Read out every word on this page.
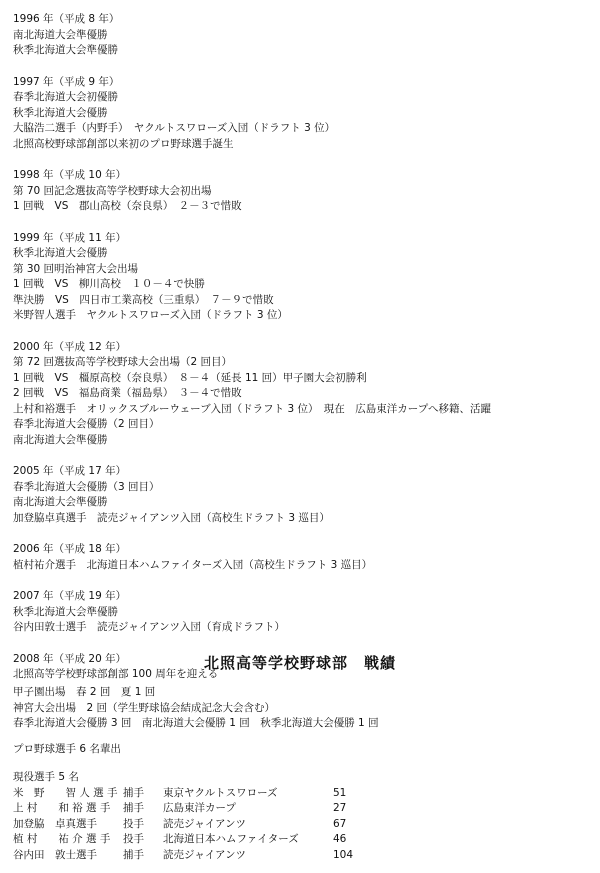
1996 年（平成 8 年）
南北海道大会準優勝
秋季北海道大会準優勝
1997 年（平成 9 年）
春季北海道大会初優勝
秋季北海道大会優勝
大脇浩二選手（内野手）　ヤクルトスワローズ入団（ドラフト 3 位）
北照高校野球部創部以来初のプロ野球選手誕生
1998 年（平成 10 年）
第 70 回記念選抜高等学校野球大会初出場
1 回戦　VS　郡山高校（奈良県）　２－３で惜敗
1999 年（平成 11 年）
秋季北海道大会優勝
第 30 回明治神宮大会出場
1 回戦　VS　柳川高校　１０－４で快勝
準決勝　VS　四日市工業高校（三重県）　７－９で惜敗
米野智人選手　ヤクルトスワローズ入団（ドラフト 3 位）
2000 年（平成 12 年）
第 72 回選抜高等学校野球大会出場（2 回目）
1 回戦　VS　橿原高校（奈良県）　８－４（延長 11 回）甲子園大会初勝利
2 回戦　VS　福島商業（福島県）　３－４で惜敗
上村和裕選手　オリックスブルーウェーブ入団（ドラフト 3 位）　現在　広島東洋カープへ移籍、活躍
春季北海道大会優勝（2 回目）
南北海道大会準優勝
2005 年（平成 17 年）
春季北海道大会優勝（3 回目）
南北海道大会準優勝
加登脇卓真選手　読売ジャイアンツ入団（高校生ドラフト 3 巡目）
2006 年（平成 18 年）
植村祐介選手　北海道日本ハムファイターズ入団（高校生ドラフト 3 巡目）
2007 年（平成 19 年）
秋季北海道大会準優勝
谷内田敦士選手　読売ジャイアンツ入団（育成ドラフト）
2008 年（平成 20 年）
北照高等学校野球部創部 100 周年を迎える
北照高等学校野球部　戦績
甲子園出場　春 2 回　夏 1 回
神宮大会出場　2 回（学生野球協会結成記念大会含む）
春季北海道大会優勝 3 回　南北海道大会優勝 1 回　秋季北海道大会優勝 1 回
プロ野球選手 6 名輩出
現役選手 5 名
米　野　　智 人 選 手 捕手	東京ヤクルトスワローズ	51
上 村　　和 裕 選 手	捕手	広島東洋カープ	27
加登脇　卓真選手	投手	読売ジャイアンツ	67
植 村　　祐 介 選 手	投手	北海道日本ハムファイターズ	46
谷内田　敦士選手	捕手	読売ジャイアンツ	104
